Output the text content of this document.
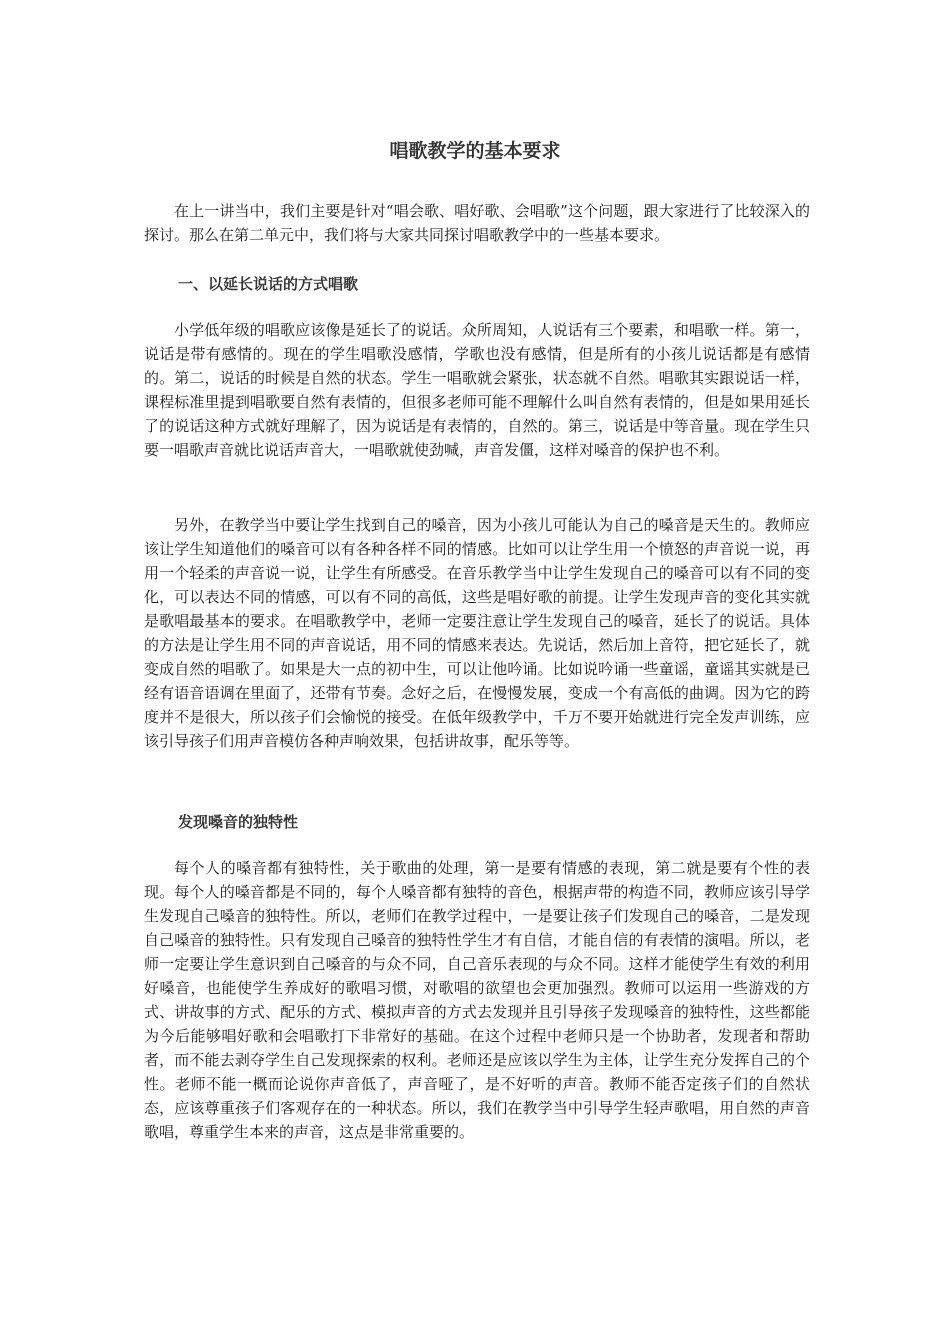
唱歌教学的基本要求

在上一讲当中，我们主要是针对“唱会歌、唱好歌、会唱歌”这个问题，跟大家进行了比较深入的探讨。那么在第二单元中，我们将与大家共同探讨唱歌教学中的一些基本要求。

一、以延长说话的方式唱歌

小学低年级的唱歌应该像是延长了的说话。众所周知，人说话有三个要素，和唱歌一样。第一，说话是带有感情的。现在的学生唱歌没感情，学歌也没有感情，但是所有的小孩儿说话都是有感情的。第二，说话的时候是自然的状态。学生一唱歌就会紧张，状态就不自然。唱歌其实跟说话一样，课程标准里提到唱歌要自然有表情的，但很多老师可能不理解什么叫自然有表情的，但是如果用延长了的说话这种方式就好理解了，因为说话是有表情的，自然的。第三，说话是中等音量。现在学生只要一唱歌声音就比说话声音大，一唱歌就使劲喊，声音发僵，这样对嗓音的保护也不利。

另外，在教学当中要让学生找到自己的嗓音，因为小孩儿可能认为自己的嗓音是天生的。教师应该让学生知道他们的嗓音可以有各种各样不同的情感。比如可以让学生用一个愤怒的声音说一说，再用一个轻柔的声音说一说，让学生有所感受。在音乐教学当中让学生发现自己的嗓音可以有不同的变化，可以表达不同的情感，可以有不同的高低，这些是唱好歌的前提。让学生发现声音的变化其实就是歌唱最基本的要求。在唱歌教学中，老师一定要注意让学生发现自己的嗓音，延长了的说话。具体的方法是让学生用不同的声音说话，用不同的情感来表达。先说话，然后加上音符，把它延长了，就变成自然的唱歌了。如果是大一点的初中生，可以让他吟诵。比如说吟诵一些童谣，童谣其实就是已经有语音语调在里面了，还带有节奏。念好之后，在慢慢发展，变成一个有高低的曲调。因为它的跨度并不是很大，所以孩子们会愉悦的接受。在低年级教学中，千万不要开始就进行完全发声训练，应该引导孩子们用声音模仿各种声响效果，包括讲故事，配乐等等。

发现嗓音的独特性

每个人的嗓音都有独特性，关于歌曲的处理，第一是要有情感的表现，第二就是要有个性的表现。每个人的嗓音都是不同的，每个人嗓音都有独特的音色，根据声带的构造不同，教师应该引导学生发现自己嗓音的独特性。所以，老师们在教学过程中，一是要让孩子们发现自己的嗓音，二是发现自己嗓音的独特性。只有发现自己嗓音的独特性学生才有自信，才能自信的有表情的演唱。所以，老师一定要让学生意识到自己嗓音的与众不同，自己音乐表现的与众不同。这样才能使学生有效的利用好嗓音，也能使学生养成好的歌唱习惯，对歌唱的欲望也会更加强烈。教师可以运用一些游戏的方式、讲故事的方式、配乐的方式、模拟声音的方式去发现并且引导孩子发现嗓音的独特性，这些都能为今后能够唱好歌和会唱歌打下非常好的基础。在这个过程中老师只是一个协助者，发现者和帮助者，而不能去剥夺学生自己发现探索的权利。老师还是应该以学生为主体，让学生充分发挥自己的个性。老师不能一概而论说你声音低了，声音哑了，是不好听的声音。教师不能否定孩子们的自然状态，应该尊重孩子们客观存在的一种状态。所以，我们在教学当中引导学生轻声歌唱，用自然的声音歌唱，尊重学生本来的声音，这点是非常重要的。
